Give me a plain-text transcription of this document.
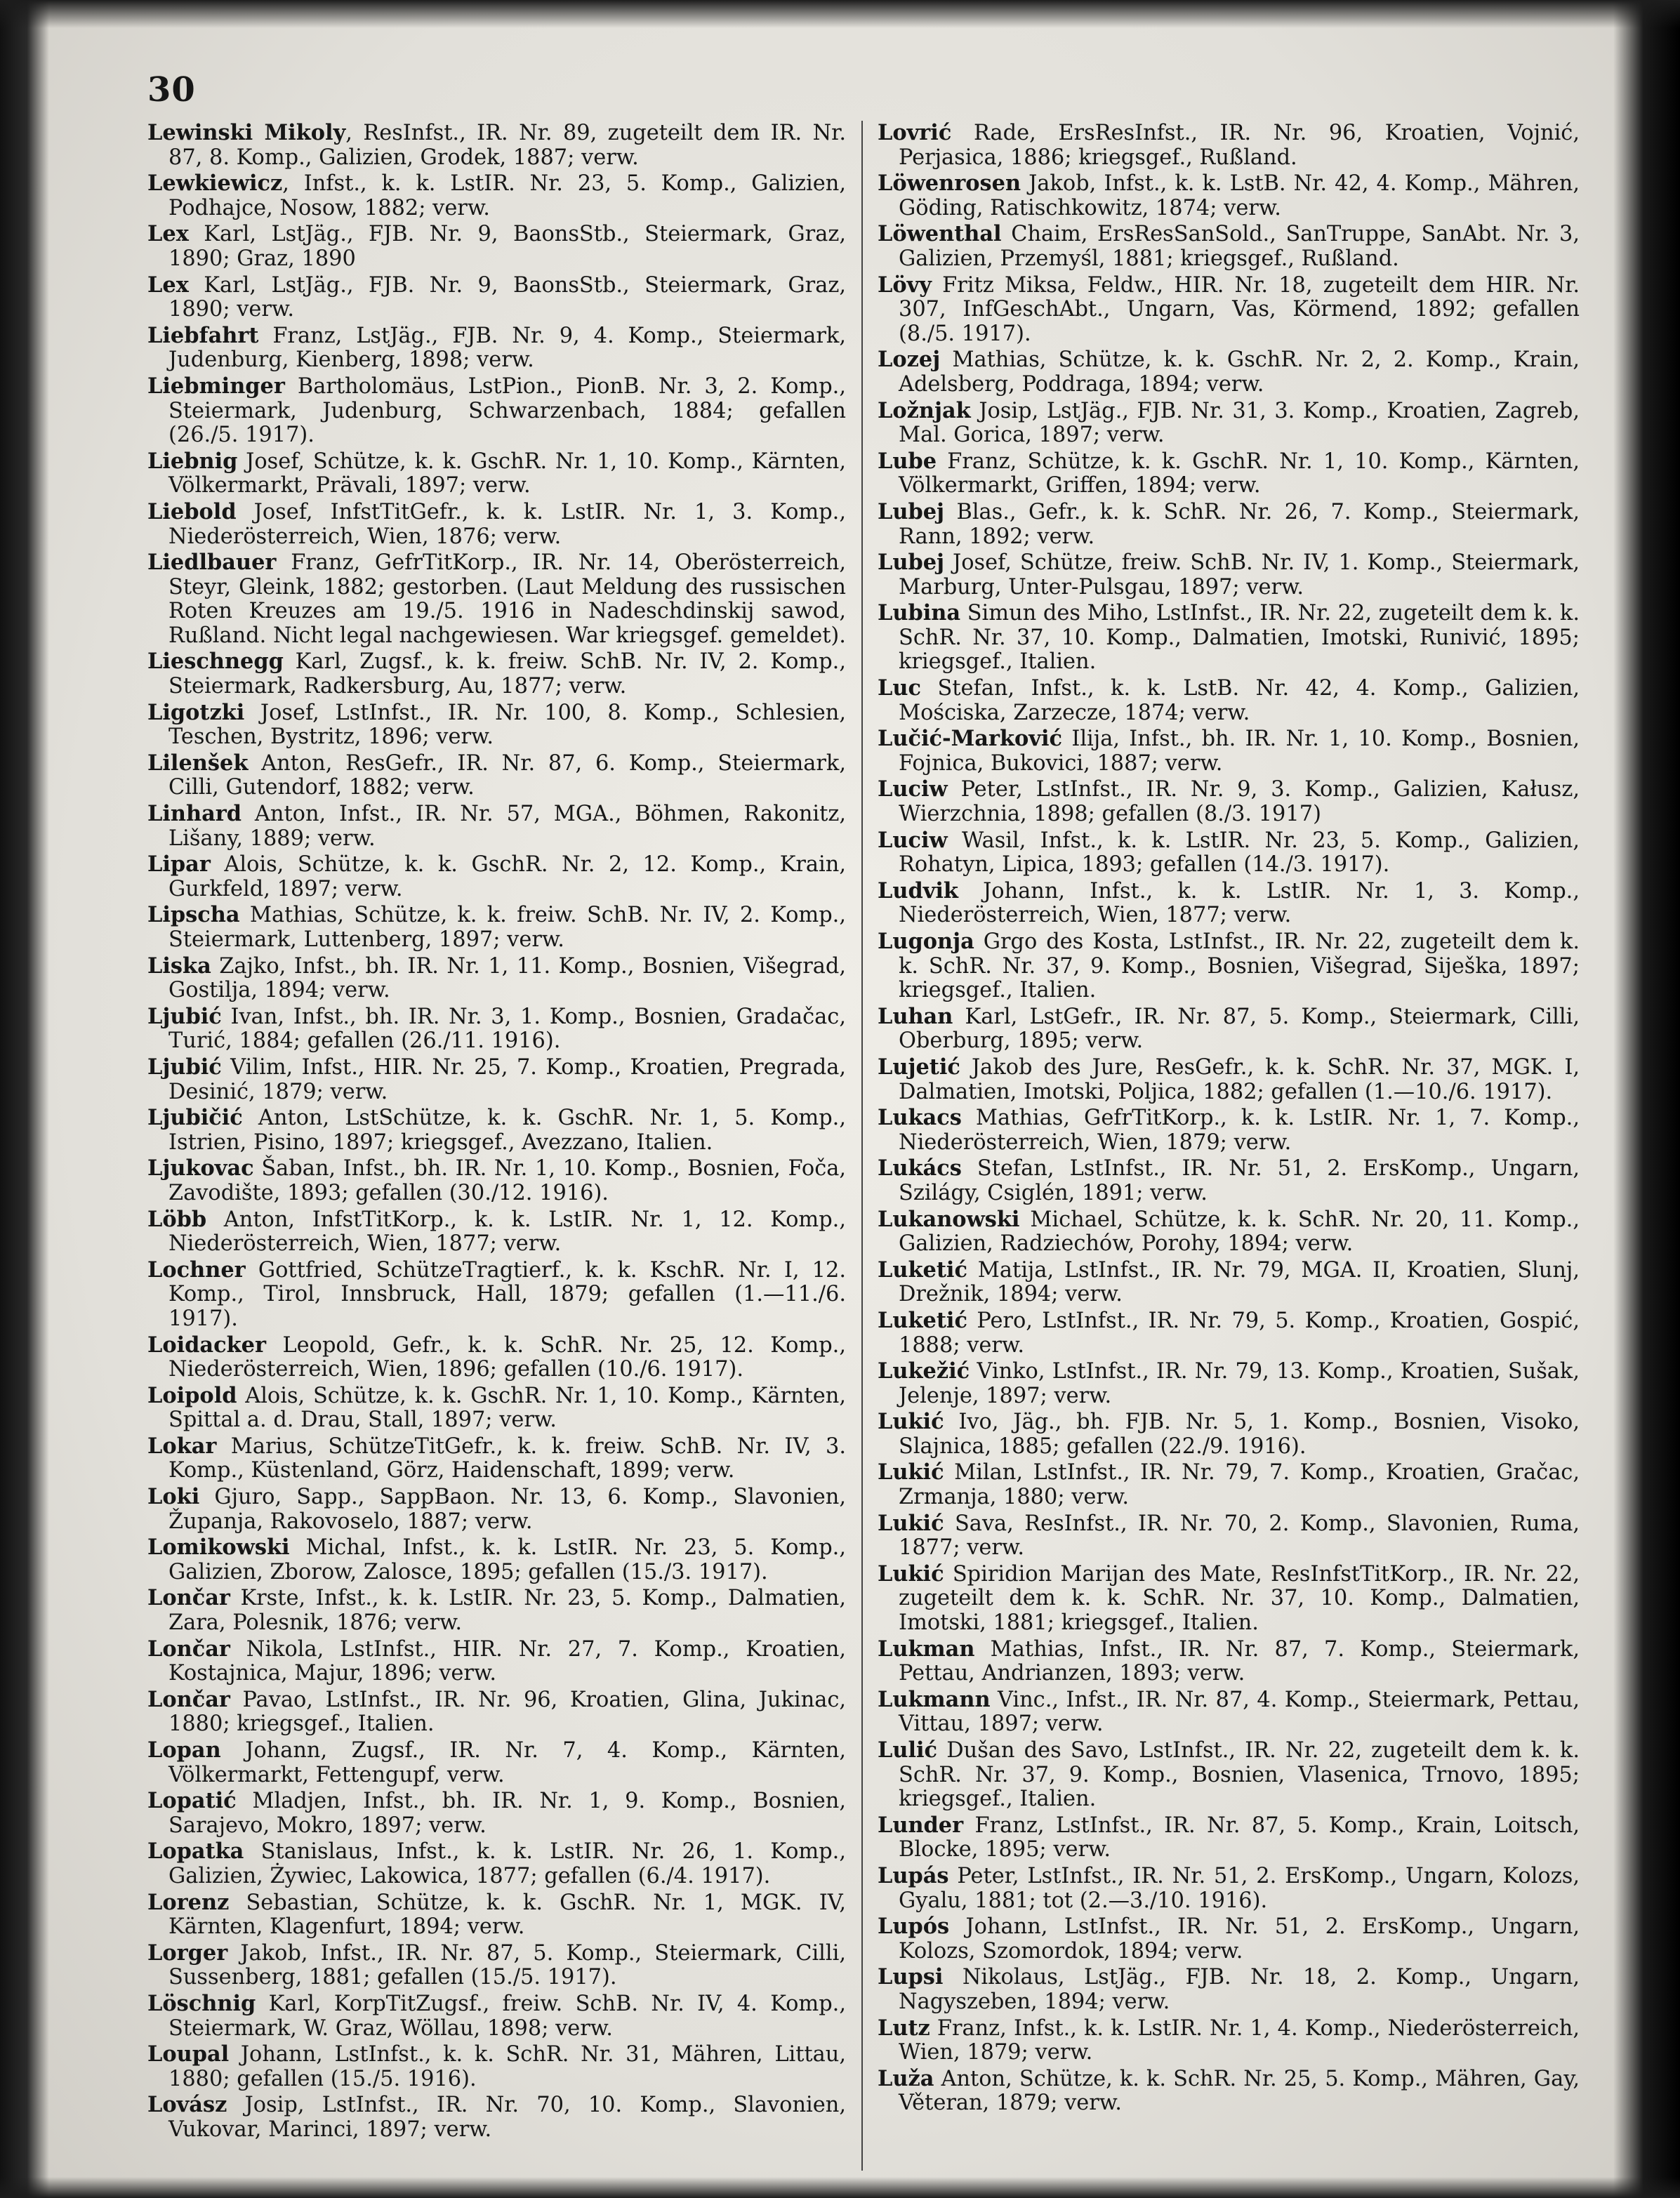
30

Lewinski Mikoly, ResInfst., IR. Nr. 89, zugeteilt dem IR. Nr. 87, 8. Komp., Galizien, Grodek, 1887; verw.

Lewkiewicz, Infst., k. k. LstIR. Nr. 23, 5. Komp., Galizien, Podhajce, Nosow, 1882; verw.

Lex Karl, LstJäg., FJB. Nr. 9, BaonsStb., Steiermark, Graz, 1890; Graz, 1890

Lex Karl, LstJäg., FJB. Nr. 9, BaonsStb., Steiermark, Graz, 1890; verw.

Liebfahrt Franz, LstJäg., FJB. Nr. 9, 4. Komp., Steiermark, Judenburg, Kienberg, 1898; verw.

Liebminger Bartholomäus, LstPion., PionB. Nr. 3, 2. Komp., Steiermark, Judenburg, Schwarzenbach, 1884; gefallen (26./5. 1917).

Liebnig Josef, Schütze, k. k. GschR. Nr. 1, 10. Komp., Kärnten, Völkermarkt, Prävali, 1897; verw.

Liebold Josef, InfstTitGefr., k. k. LstIR. Nr. 1, 3. Komp., Niederösterreich, Wien, 1876; verw.

Liedlbauer Franz, GefrTitKorp., IR. Nr. 14, Oberösterreich, Steyr, Gleink, 1882; gestorben. (Laut Meldung des russischen Roten Kreuzes am 19./5. 1916 in Nadeschdinskij sawod, Rußland. Nicht legal nachgewiesen. War kriegsgef. gemeldet).

Lieschnegg Karl, Zugsf., k. k. freiw. SchB. Nr. IV, 2. Komp., Steiermark, Radkersburg, Au, 1877; verw.

Ligotzki Josef, LstInfst., IR. Nr. 100, 8. Komp., Schlesien, Teschen, Bystritz, 1896; verw.

Lilenšek Anton, ResGefr., IR. Nr. 87, 6. Komp., Steiermark, Cilli, Gutendorf, 1882; verw.

Linhard Anton, Infst., IR. Nr. 57, MGA., Böhmen, Rakonitz, Lišany, 1889; verw.

Lipar Alois, Schütze, k. k. GschR. Nr. 2, 12. Komp., Krain, Gurkfeld, 1897; verw.

Lipscha Mathias, Schütze, k. k. freiw. SchB. Nr. IV, 2. Komp., Steiermark, Luttenberg, 1897; verw.

Liska Zajko, Infst., bh. IR. Nr. 1, 11. Komp., Bosnien, Višegrad, Gostilja, 1894; verw.

Ljubić Ivan, Infst., bh. IR. Nr. 3, 1. Komp., Bosnien, Gradačac, Turić, 1884; gefallen (26./11. 1916).

Ljubić Vilim, Infst., HIR. Nr. 25, 7. Komp., Kroatien, Pregrada, Desinić, 1879; verw.

Ljubičić Anton, LstSchütze, k. k. GschR. Nr. 1, 5. Komp., Istrien, Pisino, 1897; kriegsgef., Avezzano, Italien.

Ljukovac Šaban, Infst., bh. IR. Nr. 1, 10. Komp., Bosnien, Foča, Zavodište, 1893; gefallen (30./12. 1916).

Löbb Anton, InfstTitKorp., k. k. LstIR. Nr. 1, 12. Komp., Niederösterreich, Wien, 1877; verw.

Lochner Gottfried, SchützeTragtierf., k. k. KschR. Nr. I, 12. Komp., Tirol, Innsbruck, Hall, 1879; gefallen (1.—11./6. 1917).

Loidacker Leopold, Gefr., k. k. SchR. Nr. 25, 12. Komp., Niederösterreich, Wien, 1896; gefallen (10./6. 1917).

Loipold Alois, Schütze, k. k. GschR. Nr. 1, 10. Komp., Kärnten, Spittal a. d. Drau, Stall, 1897; verw.

Lokar Marius, SchützeTitGefr., k. k. freiw. SchB. Nr. IV, 3. Komp., Küstenland, Görz, Haidenschaft, 1899; verw.

Loki Gjuro, Sapp., SappBaon. Nr. 13, 6. Komp., Slavonien, Županja, Rakovoselo, 1887; verw.

Lomikowski Michal, Infst., k. k. LstIR. Nr. 23, 5. Komp., Galizien, Zborow, Zalosce, 1895; gefallen (15./3. 1917).

Lončar Krste, Infst., k. k. LstIR. Nr. 23, 5. Komp., Dalmatien, Zara, Polesnik, 1876; verw.

Lončar Nikola, LstInfst., HIR. Nr. 27, 7. Komp., Kroatien, Kostajnica, Majur, 1896; verw.

Lončar Pavao, LstInfst., IR. Nr. 96, Kroatien, Glina, Jukinac, 1880; kriegsgef., Italien.

Lopan Johann, Zugsf., IR. Nr. 7, 4. Komp., Kärnten, Völkermarkt, Fettengupf, verw.

Lopatić Mladjen, Infst., bh. IR. Nr. 1, 9. Komp., Bosnien, Sarajevo, Mokro, 1897; verw.

Lopatka Stanislaus, Infst., k. k. LstIR. Nr. 26, 1. Komp., Galizien, Żywiec, Lakowica, 1877; gefallen (6./4. 1917).

Lorenz Sebastian, Schütze, k. k. GschR. Nr. 1, MGK. IV, Kärnten, Klagenfurt, 1894; verw.

Lorger Jakob, Infst., IR. Nr. 87, 5. Komp., Steiermark, Cilli, Sussenberg, 1881; gefallen (15./5. 1917).

Löschnig Karl, KorpTitZugsf., freiw. SchB. Nr. IV, 4. Komp., Steiermark, W. Graz, Wöllau, 1898; verw.

Loupal Johann, LstInfst., k. k. SchR. Nr. 31, Mähren, Littau, 1880; gefallen (15./5. 1916).

Lovász Josip, LstInfst., IR. Nr. 70, 10. Komp., Slavonien, Vukovar, Marinci, 1897; verw.

Lovrić Rade, ErsResInfst., IR. Nr. 96, Kroatien, Vojnić, Perjasica, 1886; kriegsgef., Rußland.

Löwenrosen Jakob, Infst., k. k. LstB. Nr. 42, 4. Komp., Mähren, Göding, Ratischkowitz, 1874; verw.

Löwenthal Chaim, ErsResSanSold., SanTruppe, SanAbt. Nr. 3, Galizien, Przemyśl, 1881; kriegsgef., Rußland.

Lövy Fritz Miksa, Feldw., HIR. Nr. 18, zugeteilt dem HIR. Nr. 307, InfGeschAbt., Ungarn, Vas, Körmend, 1892; gefallen (8./5. 1917).

Lozej Mathias, Schütze, k. k. GschR. Nr. 2, 2. Komp., Krain, Adelsberg, Poddraga, 1894; verw.

Ložnjak Josip, LstJäg., FJB. Nr. 31, 3. Komp., Kroatien, Zagreb, Mal. Gorica, 1897; verw.

Lube Franz, Schütze, k. k. GschR. Nr. 1, 10. Komp., Kärnten, Völkermarkt, Griffen, 1894; verw.

Lubej Blas., Gefr., k. k. SchR. Nr. 26, 7. Komp., Steiermark, Rann, 1892; verw.

Lubej Josef, Schütze, freiw. SchB. Nr. IV, 1. Komp., Steiermark, Marburg, Unter-Pulsgau, 1897; verw.

Lubina Simun des Miho, LstInfst., IR. Nr. 22, zugeteilt dem k. k. SchR. Nr. 37, 10. Komp., Dalmatien, Imotski, Runivić, 1895; kriegsgef., Italien.

Luc Stefan, Infst., k. k. LstB. Nr. 42, 4. Komp., Galizien, Mościska, Zarzecze, 1874; verw.

Lučić-Marković Ilija, Infst., bh. IR. Nr. 1, 10. Komp., Bosnien, Fojnica, Bukovici, 1887; verw.

Luciw Peter, LstInfst., IR. Nr. 9, 3. Komp., Galizien, Kałusz, Wierzchnia, 1898; gefallen (8./3. 1917)

Luciw Wasil, Infst., k. k. LstIR. Nr. 23, 5. Komp., Galizien, Rohatyn, Lipica, 1893; gefallen (14./3. 1917).

Ludvik Johann, Infst., k. k. LstIR. Nr. 1, 3. Komp., Niederösterreich, Wien, 1877; verw.

Lugonja Grgo des Kosta, LstInfst., IR. Nr. 22, zugeteilt dem k. k. SchR. Nr. 37, 9. Komp., Bosnien, Višegrad, Siješka, 1897; kriegsgef., Italien.

Luhan Karl, LstGefr., IR. Nr. 87, 5. Komp., Steiermark, Cilli, Oberburg, 1895; verw.

Lujetić Jakob des Jure, ResGefr., k. k. SchR. Nr. 37, MGK. I, Dalmatien, Imotski, Poljica, 1882; gefallen (1.—10./6. 1917).

Lukacs Mathias, GefrTitKorp., k. k. LstIR. Nr. 1, 7. Komp., Niederösterreich, Wien, 1879; verw.

Lukács Stefan, LstInfst., IR. Nr. 51, 2. ErsKomp., Ungarn, Szilágy, Csiglén, 1891; verw.

Lukanowski Michael, Schütze, k. k. SchR. Nr. 20, 11. Komp., Galizien, Radziechów, Porohy, 1894; verw.

Luketić Matija, LstInfst., IR. Nr. 79, MGA. II, Kroatien, Slunj, Drežnik, 1894; verw.

Luketić Pero, LstInfst., IR. Nr. 79, 5. Komp., Kroatien, Gospić, 1888; verw.

Lukežić Vinko, LstInfst., IR. Nr. 79, 13. Komp., Kroatien, Sušak, Jelenje, 1897; verw.

Lukić Ivo, Jäg., bh. FJB. Nr. 5, 1. Komp., Bosnien, Visoko, Slajnica, 1885; gefallen (22./9. 1916).

Lukić Milan, LstInfst., IR. Nr. 79, 7. Komp., Kroatien, Gračac, Zrmanja, 1880; verw.

Lukić Sava, ResInfst., IR. Nr. 70, 2. Komp., Slavonien, Ruma, 1877; verw.

Lukić Spiridion Marijan des Mate, ResInfstTitKorp., IR. Nr. 22, zugeteilt dem k. k. SchR. Nr. 37, 10. Komp., Dalmatien, Imotski, 1881; kriegsgef., Italien.

Lukman Mathias, Infst., IR. Nr. 87, 7. Komp., Steiermark, Pettau, Andrianzen, 1893; verw.

Lukmann Vinc., Infst., IR. Nr. 87, 4. Komp., Steiermark, Pettau, Vittau, 1897; verw.

Lulić Dušan des Savo, LstInfst., IR. Nr. 22, zugeteilt dem k. k. SchR. Nr. 37, 9. Komp., Bosnien, Vlasenica, Trnovo, 1895; kriegsgef., Italien.

Lunder Franz, LstInfst., IR. Nr. 87, 5. Komp., Krain, Loitsch, Blocke, 1895; verw.

Lupás Peter, LstInfst., IR. Nr. 51, 2. ErsKomp., Ungarn, Kolozs, Gyalu, 1881; tot (2.—3./10. 1916).

Lupós Johann, LstInfst., IR. Nr. 51, 2. ErsKomp., Ungarn, Kolozs, Szomordok, 1894; verw.

Lupsi Nikolaus, LstJäg., FJB. Nr. 18, 2. Komp., Ungarn, Nagyszeben, 1894; verw.

Lutz Franz, Infst., k. k. LstIR. Nr. 1, 4. Komp., Niederösterreich, Wien, 1879; verw.

Luža Anton, Schütze, k. k. SchR. Nr. 25, 5. Komp., Mähren, Gay, Věteran, 1879; verw.
